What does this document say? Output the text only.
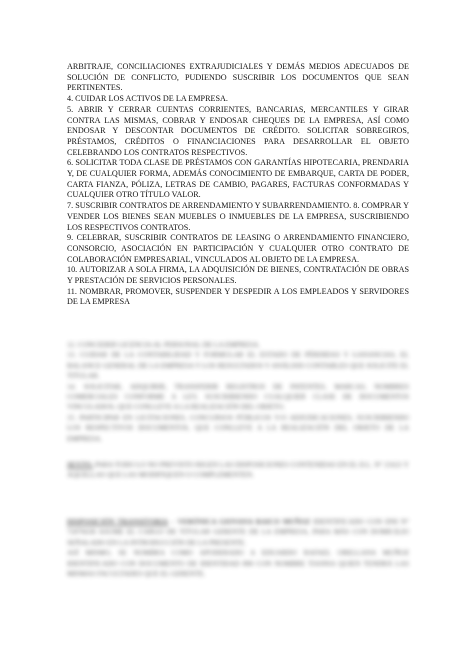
ARBITRAJE, CONCILIACIONES EXTRAJUDICIALES Y DEMÁS MEDIOS ADECUADOS DE SOLUCIÓN DE CONFLICTO, PUDIENDO SUSCRIBIR LOS DOCUMENTOS QUE SEAN PERTINENTES.

4. CUIDAR LOS ACTIVOS DE LA EMPRESA.

5. ABRIR Y CERRAR CUENTAS CORRIENTES, BANCARIAS, MERCANTILES Y GIRAR CONTRA LAS MISMAS, COBRAR Y ENDOSAR CHEQUES DE LA EMPRESA, ASÍ COMO ENDOSAR Y DESCONTAR DOCUMENTOS DE CRÉDITO. SOLICITAR SOBREGIROS, PRÉSTAMOS, CRÉDITOS O FINANCIACIONES PARA DESARROLLAR EL OBJETO CELEBRANDO LOS CONTRATOS RESPECTIVOS.

6. SOLICITAR TODA CLASE DE PRÉSTAMOS CON GARANTÍAS HIPOTECARIA, PRENDARIA Y, DE CUALQUIER FORMA, ADEMÁS CONOCIMIENTO DE EMBARQUE, CARTA DE PODER, CARTA FIANZA, PÓLIZA, LETRAS DE CAMBIO, PAGARES, FACTURAS CONFORMADAS Y CUALQUIER OTRO TÍTULO VALOR.

7. SUSCRIBIR CONTRATOS DE ARRENDAMIENTO Y SUBARRENDAMIENTO. 8. COMPRAR Y VENDER LOS BIENES SEAN MUEBLES O INMUEBLES DE LA EMPRESA, SUSCRIBIENDO LOS RESPECTIVOS CONTRATOS.

9. CELEBRAR, SUSCRIBIR CONTRATOS DE LEASING O ARRENDAMIENTO FINANCIERO, CONSORCIO, ASOCIACIÓN EN PARTICIPACIÓN Y CUALQUIER OTRO CONTRATO DE COLABORACIÓN EMPRESARIAL, VINCULADOS AL OBJETO DE LA EMPRESA.

10. AUTORIZAR A SOLA FIRMA, LA ADQUISICIÓN DE BIENES, CONTRATACIÓN DE OBRAS Y PRESTACIÓN DE SERVICIOS PERSONALES.

11. NOMBRAR, PROMOVER, SUSPENDER Y DESPEDIR A LOS EMPLEADOS Y SERVIDORES DE LA EMPRESA

12. CONCEDER LICENCIA AL PERSONAL DE LA EMPRESA.

13. CUIDAR DE LA CONTABILIDAD Y FORMULAR EL ESTADO DE PÉRDIDAS Y GANANCIAS, EL BALANCE GENERAL DE LA EMPRESA Y LOS RESULTADOS Y ANÁLISIS CONTABLES QUE SOLICITE EL TITULAR.

14. SOLICITAR, ADQUIRIR, TRANSFERIR REGISTROS DE PATENTES, MARCAS, NOMBRES COMERCIALES CONFORME A LEY, SUSCRIBIENDO CUALQUIER CLASE DE DOCUMENTOS VINCULADOS, QUE CONLLEVE A LA REALIZACIÓN DEL OBJETO.

15. PARTICIPAR EN LICITACIONES, CONCURSOS PÚBLICOS Y/O ADJUDICACIONES, SUSCRIBIENDO LOS RESPECTIVOS DOCUMENTOS, QUE CONLLEVE A LA REALIZACIÓN DEL OBJETO DE LA EMPRESA.

SEXTO. PARA TODO LO NO PREVISTO RIGEN LAS DISPOSICIONES CONTENIDAS EN EL D.L. N° 21621 Y AQUELLAS QUE LAS MODIFIQUEN O COMPLEMENTEN.

DISPOSICIÓN TRANSITORIA – VERÓNICA GIOVANA RAICO MUÑOZ IDENTIFICADO CON DNI N° 72076630 ASUME EL CARGO DE TITULAR GERENTE DE LA EMPRESA, PARA MÁS CON DOMICILIO SEÑALADO EN LA INTRODUCCIÓN DE LA PRESENTE.

ASÍ MISMO, SE NOMBRA COMO APODERADO A EDUARDO RAFAEL ORELLANA MUÑOZ IDENTIFICADO CON DOCUMENTO DE IDENTIDAD 890 CON NOMBRE TIANNA QUIEN TENDRÁ LAS MISMAS FACULTADES QUE EL GERENTE.
